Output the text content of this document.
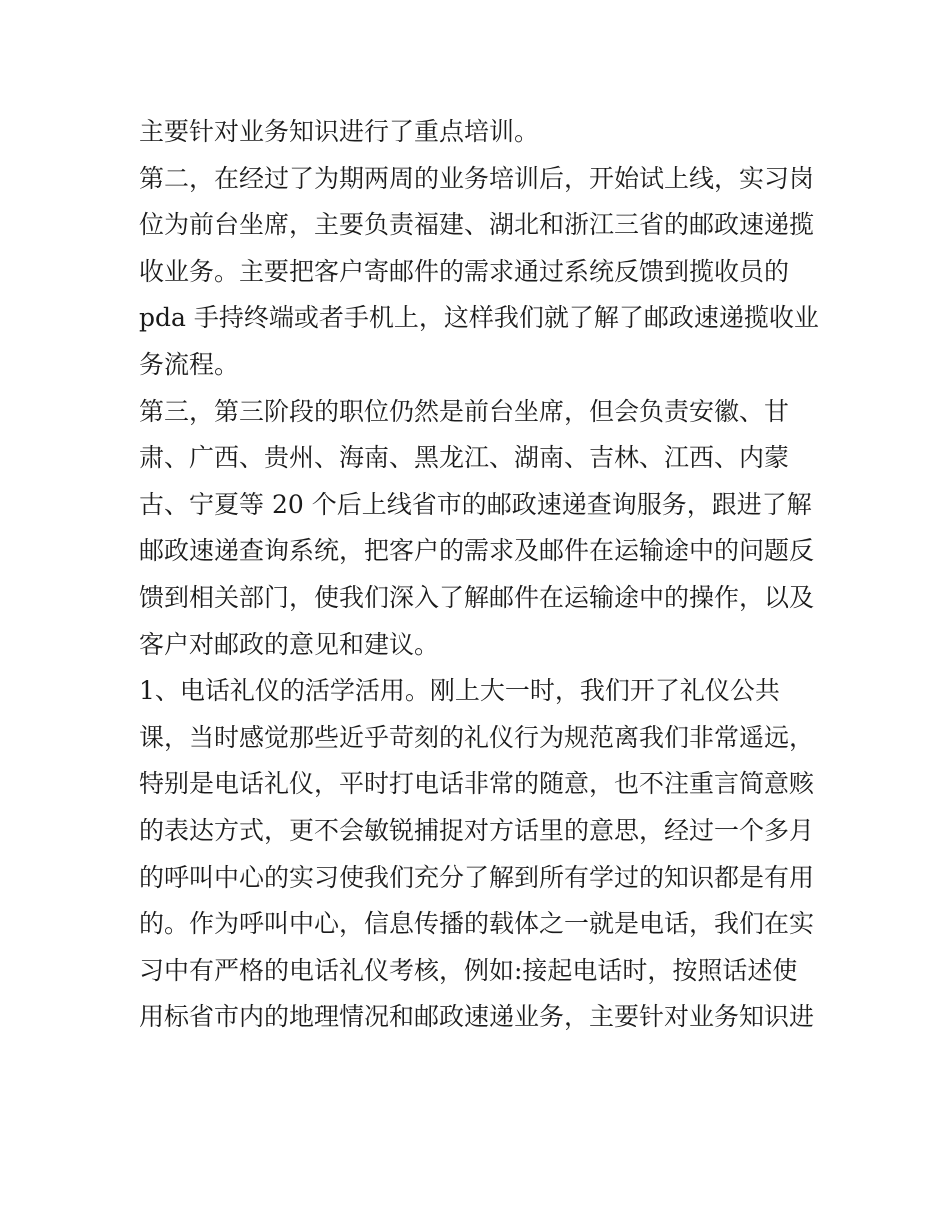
主要针对业务知识进行了重点培训。
第二，在经过了为期两周的业务培训后，开始试上线，实习岗
位为前台坐席，主要负责福建、湖北和浙江三省的邮政速递揽
收业务。主要把客户寄邮件的需求通过系统反馈到揽收员的
pda 手持终端或者手机上，这样我们就了解了邮政速递揽收业
务流程。
第三，第三阶段的职位仍然是前台坐席，但会负责安徽、甘
肃、广西、贵州、海南、黑龙江、湖南、吉林、江西、内蒙
古、宁夏等 20 个后上线省市的邮政速递查询服务，跟进了解
邮政速递查询系统，把客户的需求及邮件在运输途中的问题反
馈到相关部门，使我们深入了解邮件在运输途中的操作，以及
客户对邮政的意见和建议。
1、电话礼仪的活学活用。刚上大一时，我们开了礼仪公共
课，当时感觉那些近乎苛刻的礼仪行为规范离我们非常遥远，
特别是电话礼仪，平时打电话非常的随意，也不注重言简意赅
的表达方式，更不会敏锐捕捉对方话里的意思，经过一个多月
的呼叫中心的实习使我们充分了解到所有学过的知识都是有用
的。作为呼叫中心，信息传播的载体之一就是电话，我们在实
习中有严格的电话礼仪考核，例如:接起电话时，按照话述使
用标省市内的地理情况和邮政速递业务，主要针对业务知识进
